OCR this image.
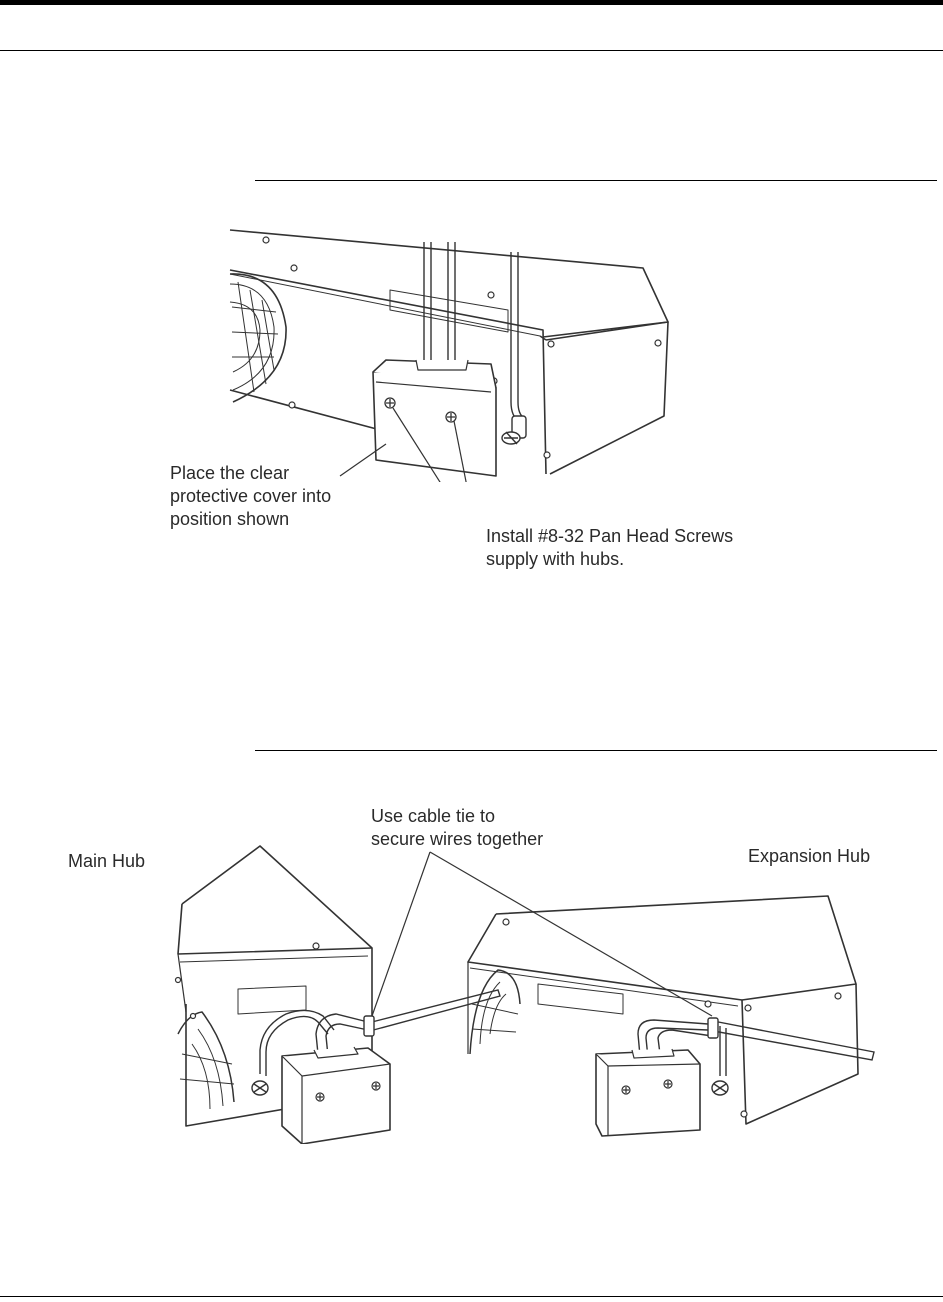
Place the clear
protective cover into
position shown
Install #8-32 Pan Head Screws
supply with hubs.
Use cable tie to
secure wires together
Main Hub	Expansion Hub
